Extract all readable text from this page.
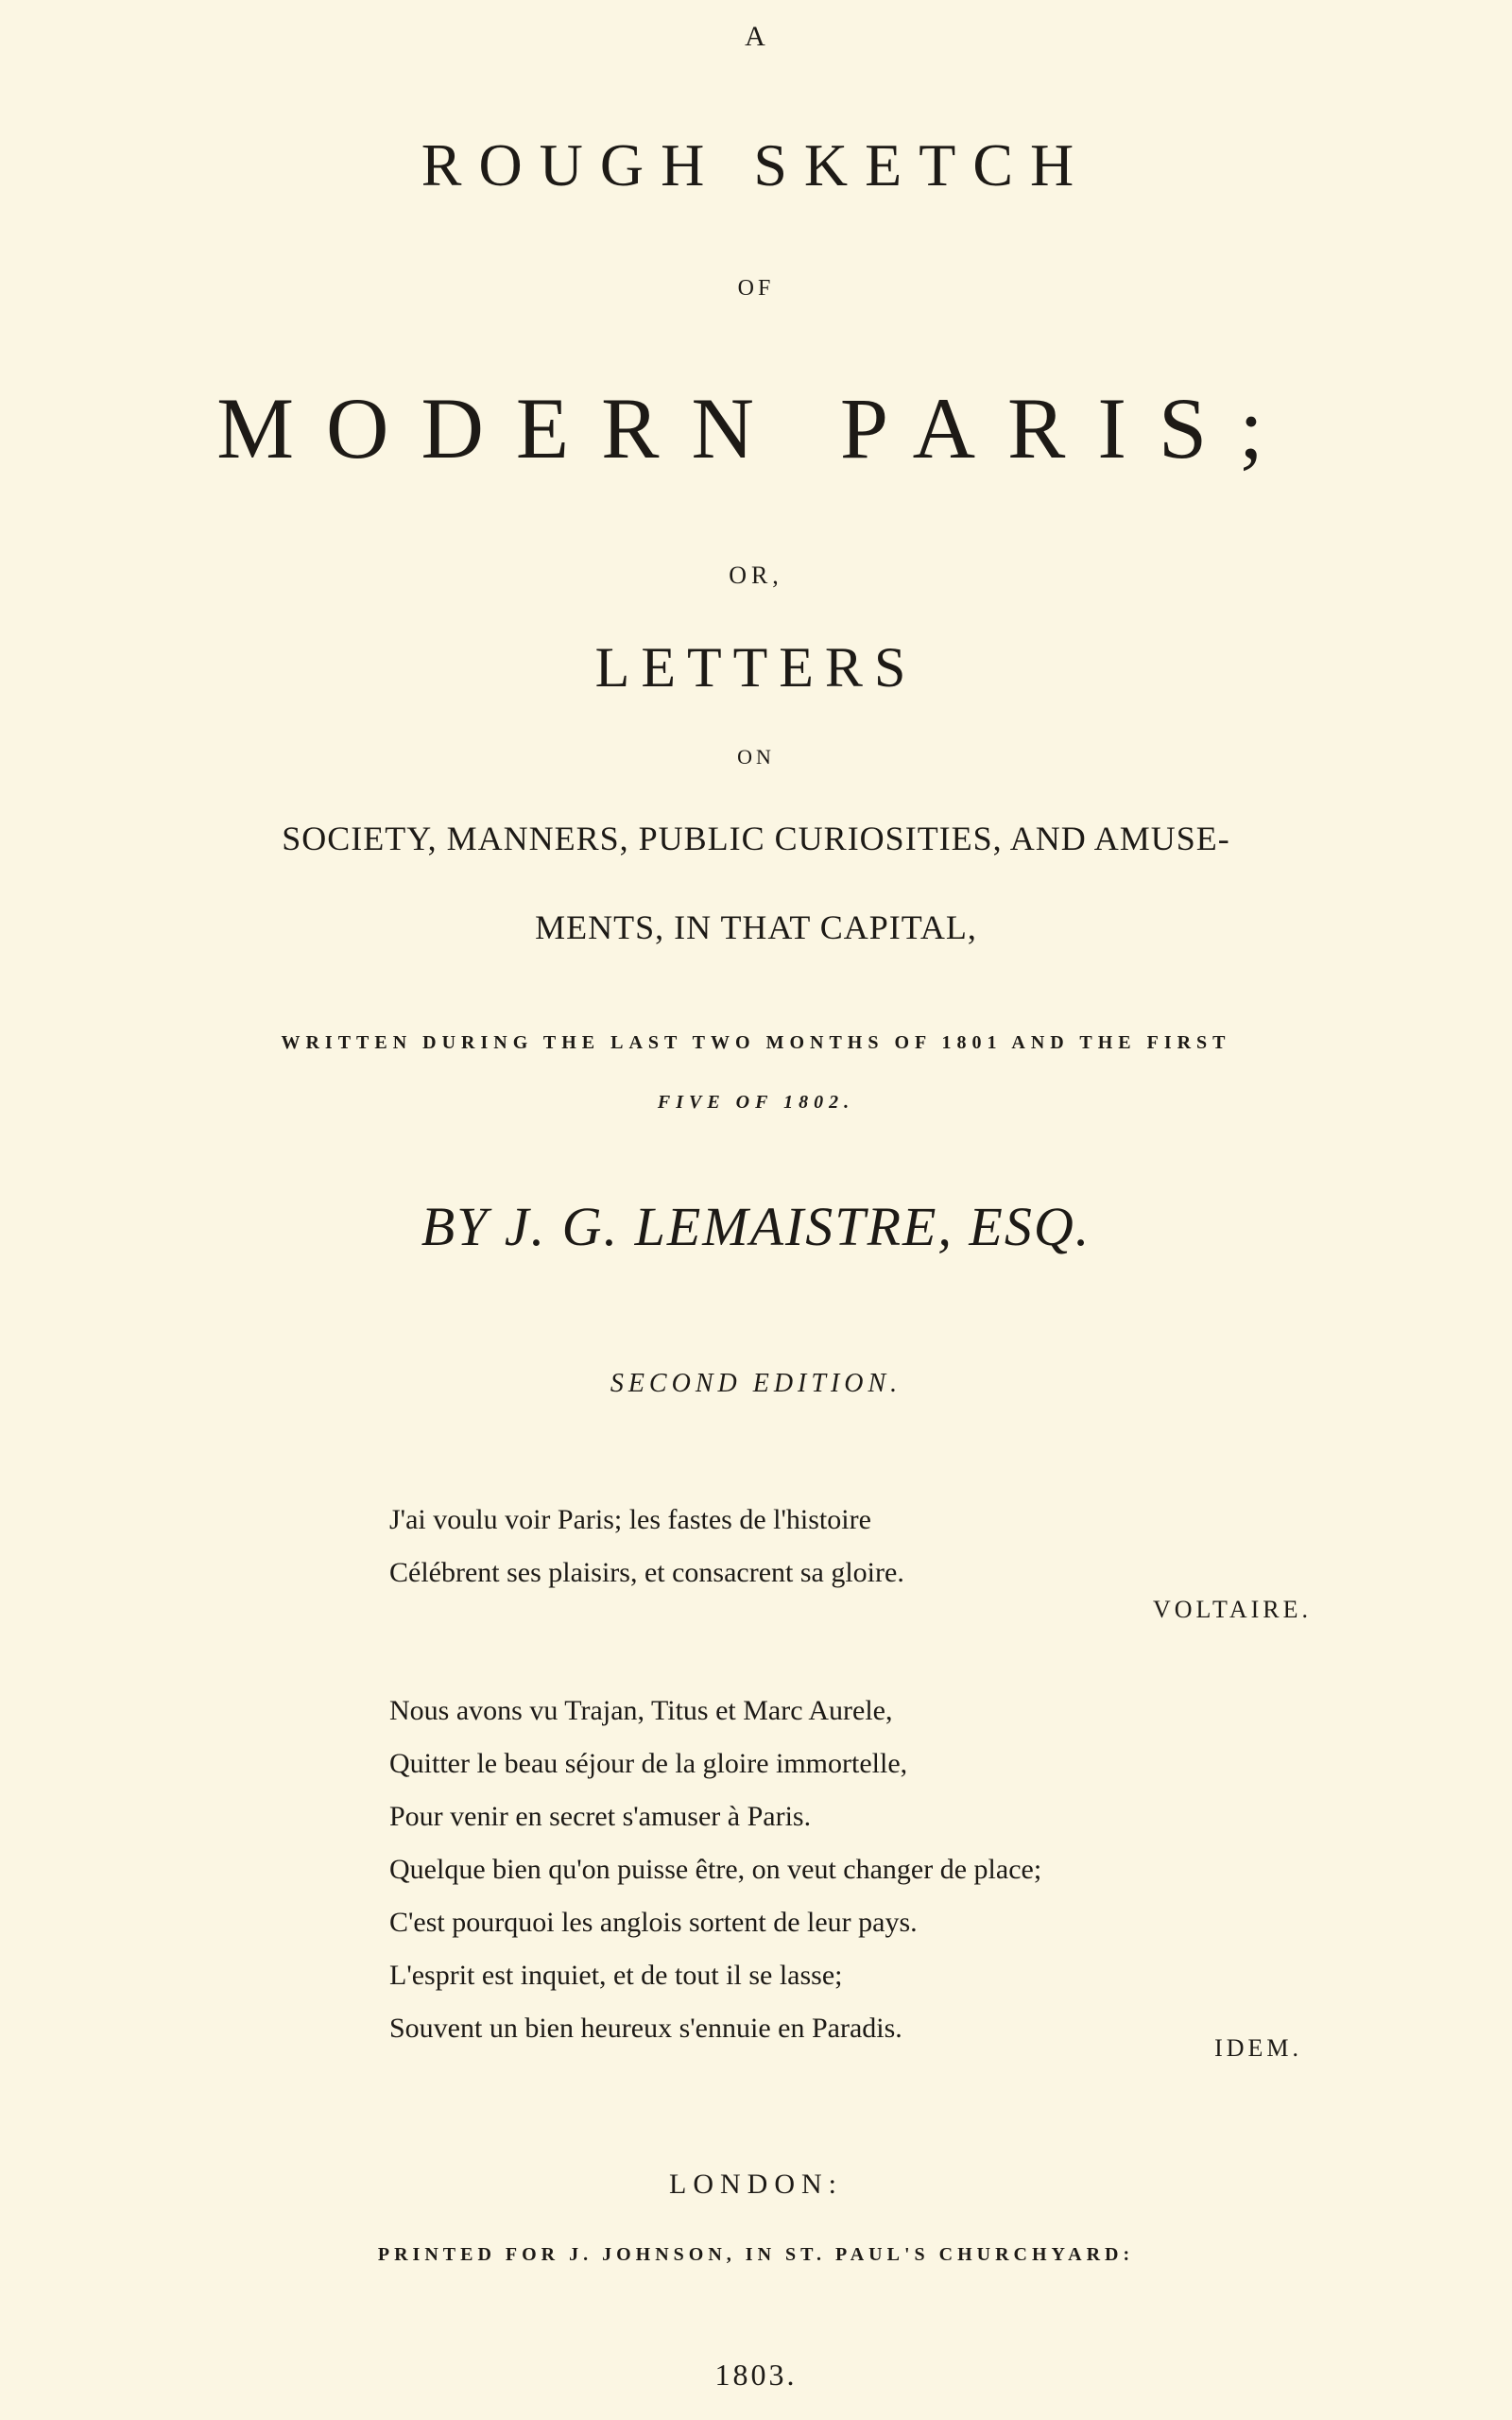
A
ROUGH SKETCH
OF
MODERN PARIS;
OR,
LETTERS
ON
SOCIETY, MANNERS, PUBLIC CURIOSITIES, AND AMUSE-
MENTS, IN THAT CAPITAL,
WRITTEN DURING THE LAST TWO MONTHS OF 1801 AND THE FIRST
FIVE OF 1802.
BY J. G. LEMAISTRE, ESQ.
SECOND EDITION.
J'ai voulu voir Paris; les fastes de l'histoire
Célébrent ses plaisirs, et consacrent sa gloire.
VOLTAIRE.
Nous avons vu Trajan, Titus et Marc Aurele,
Quitter le beau séjour de la gloire immortelle,
Pour venir en secret s'amuser à Paris.
Quelque bien qu'on puisse être, on veut changer de place;
C'est pourquoi les anglois sortent de leur pays.
L'esprit est inquiet, et de tout il se lasse;
Souvent un bien heureux s'ennuie en Paradis.
IDEM.
LONDON:
PRINTED FOR J. JOHNSON, IN ST. PAUL'S CHURCHYARD:
1803.
